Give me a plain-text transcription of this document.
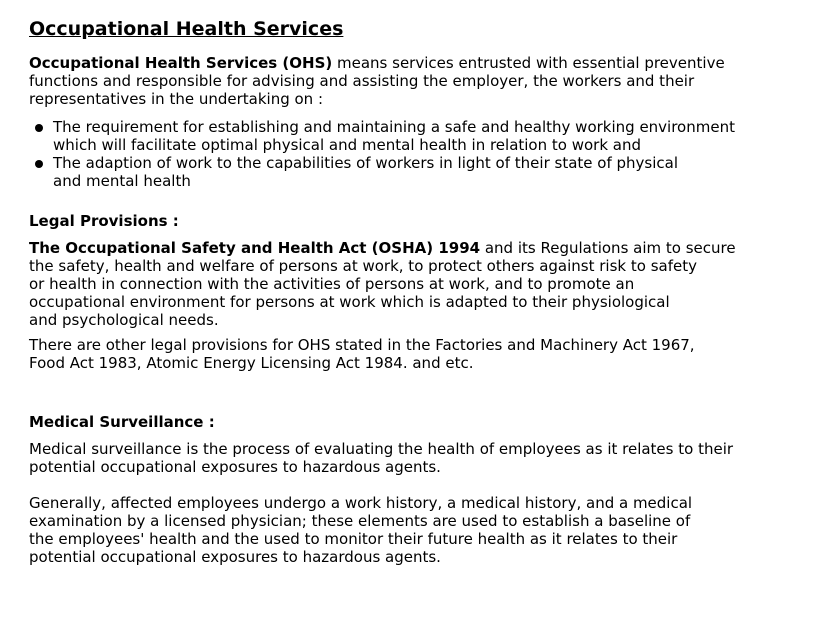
Occupational Health Services

Occupational Health Services (OHS) means services entrusted with essential preventive
functions and responsible for advising and assisting the employer, the workers and their
representatives in the undertaking on :

The requirement for establishing and maintaining a safe and healthy working environment
which will facilitate optimal physical and mental health in relation to work and
The adaption of work to the capabilities of workers in light of their state of physical
and mental health

Legal Provisions :

The Occupational Safety and Health Act (OSHA) 1994 and its Regulations aim to secure
the safety, health and welfare of persons at work, to protect others against risk to safety
or health in connection with the activities of persons at work, and to promote an
occupational environment for persons at work which is adapted to their physiological
and psychological needs.

There are other legal provisions for OHS stated in the Factories and Machinery Act 1967,
Food Act 1983, Atomic Energy Licensing Act 1984. and etc.

Medical Surveillance :

Medical surveillance is the process of evaluating the health of employees as it relates to their
potential occupational exposures to hazardous agents.

Generally, affected employees undergo a work history, a medical history, and a medical
examination by a licensed physician; these elements are used to establish a baseline of
the employees' health and the used to monitor their future health as it relates to their
potential occupational exposures to hazardous agents.
